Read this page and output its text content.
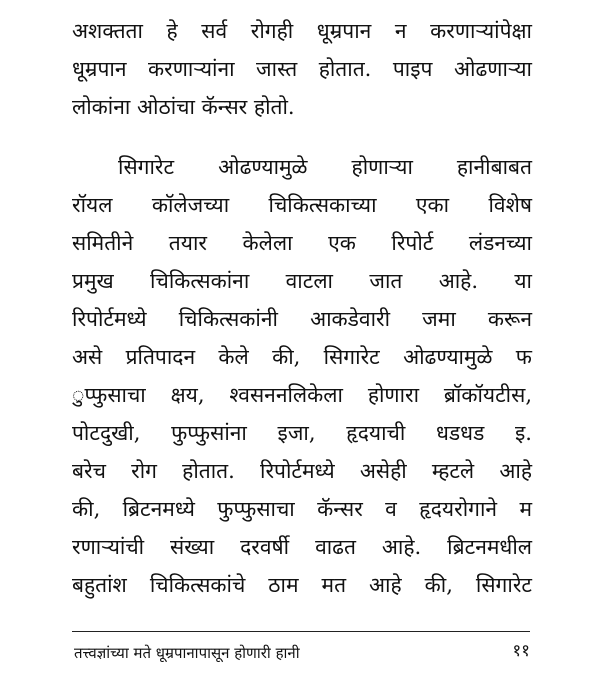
अशक्तता हे सर्व रोगही धूम्रपान न करणाऱ्यांपेक्षा
धूम्रपान करणाऱ्यांना जास्त होतात. पाइप ओढणाऱ्या
लोकांना ओठांचा कॅन्सर होतो.
सिगारेट ओढण्यामुळे होणाऱ्या हानीबाबत
रॉयल कॉलेजच्या चिकित्सकाच्या एका विशेष
समितीने तयार केलेला एक रिपोर्ट लंडनच्या
प्रमुख चिकित्सकांना वाटला जात आहे. या
रिपोर्टमध्ये चिकित्सकांनी आकडेवारी जमा करून
असे प्रतिपादन केले की, सिगारेट ओढण्यामुळे फ
ुप्फुसाचा क्षय, श्वसननलिकेला होणारा ब्रॉकॉयटीस,
पोटदुखी, फुप्फुसांना इजा, हृदयाची धडधड इ.
बरेच रोग होतात. रिपोर्टमध्ये असेही म्हटले आहे
की, ब्रिटनमध्ये फुप्फुसाचा कॅन्सर व हृदयरोगाने म
रणाऱ्यांची संख्या दरवर्षी वाढत आहे. ब्रिटनमधील
बहुतांश चिकित्सकांचे ठाम मत आहे की, सिगारेट
तत्त्वज्ञांच्या मते धूम्रपानापासून होणारी हानी	११
